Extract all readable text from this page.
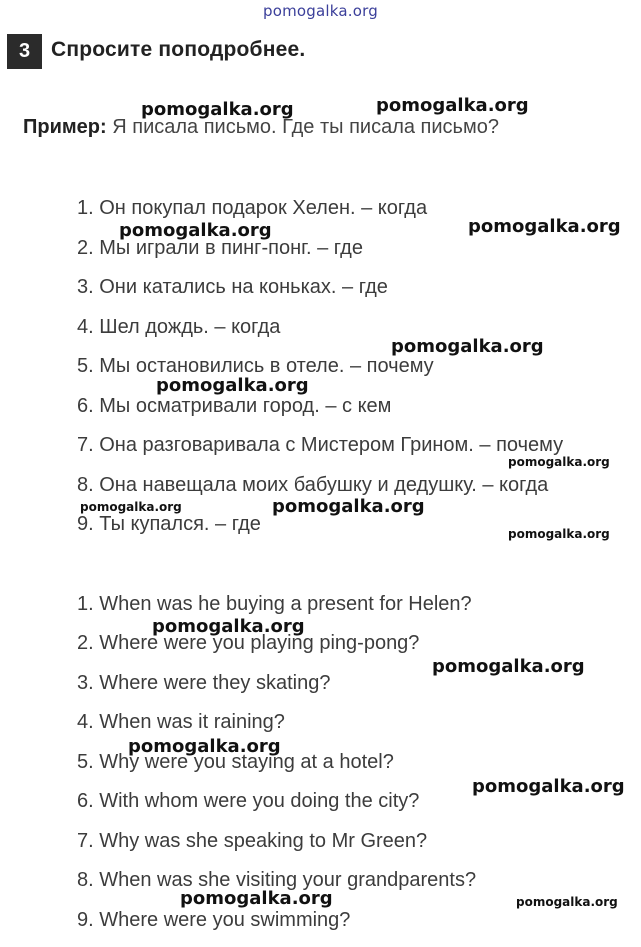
pomogalka.org
3 Спросите поподробнее.
Пример: Я писала письмо. Где ты писала письмо?
1. Он покупал подарок Хелен. – когда
2. Мы играли в пинг-понг. – где
3. Они катались на коньках. – где
4. Шел дождь. – когда
5. Мы остановились в отеле. – почему
6. Мы осматривали город. – с кем
7. Она разговаривала с Мистером Грином. – почему
8. Она навещала моих бабушку и дедушку. – когда
9. Ты купался. – где
1. When was he buying a present for Helen?
2. Where were you playing ping-pong?
3. Where were they skating?
4. When was it raining?
5. Why were you staying at a hotel?
6. With whom were you doing the city?
7. Why was she speaking to Mr Green?
8. When was she visiting your grandparents?
9. Where were you swimming?
pomogalka.org	pomogalka.org
pomogalka.org	pomogalka.org
pomogalka.org
pomogalka.org
pomogalka.org
pomogalka.org	pomogalka.org
pomogalka.org
pomogalka.org
pomogalka.org
pomogalka.org
pomogalka.org
pomogalka.org	pomogalka.org
